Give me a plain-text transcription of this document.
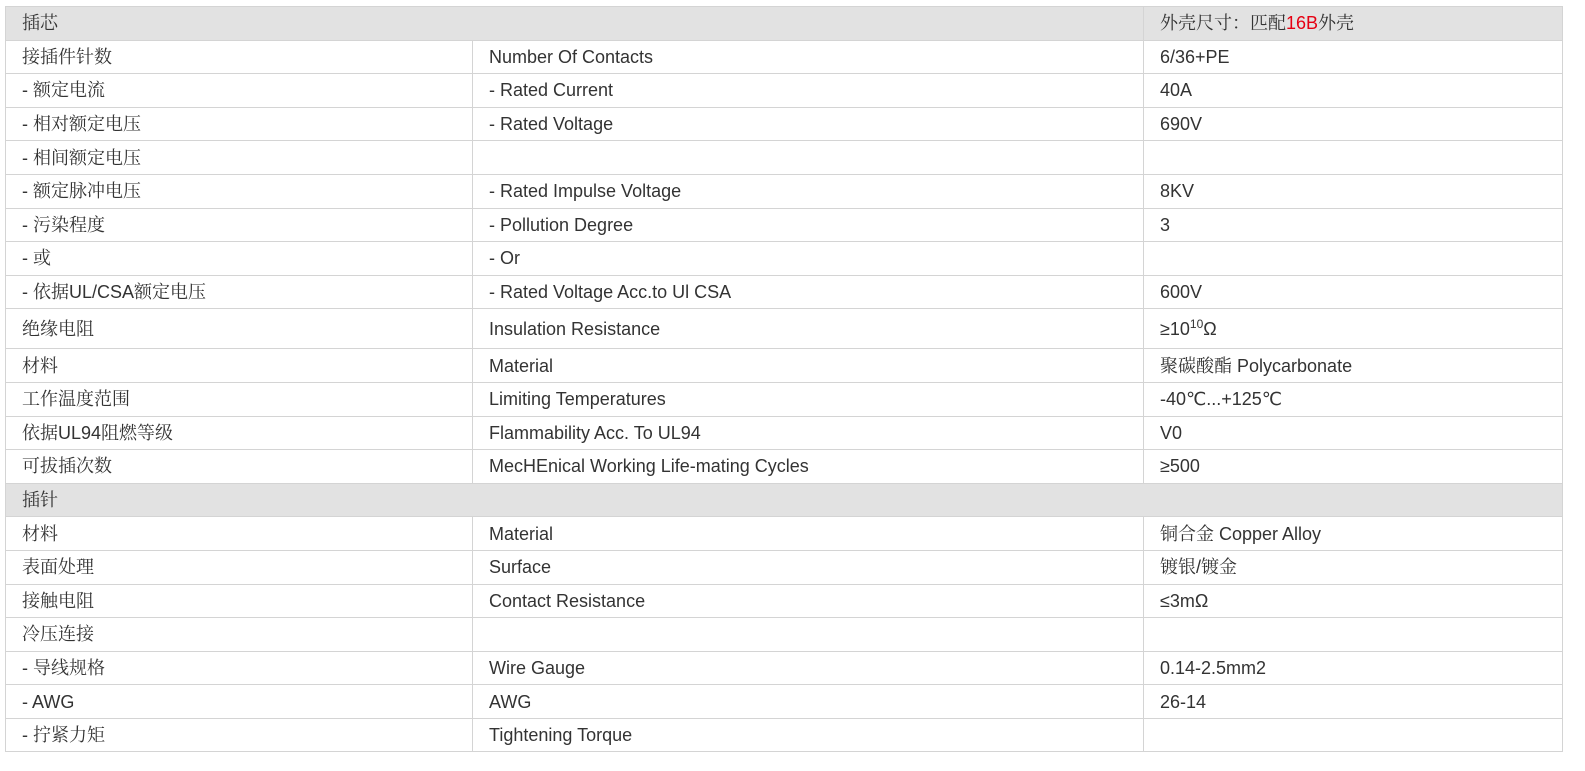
插芯		外壳尺寸：匹配16B外壳
接插件针数	Number Of Contacts	6/36+PE
- 额定电流	- Rated Current	40A
- 相对额定电压	- Rated Voltage	690V
- 相间额定电压		
- 额定脉冲电压	- Rated Impulse Voltage	8KV
- 污染程度	- Pollution Degree	3
- 或	- Or	
- 依据UL/CSA额定电压	- Rated Voltage Acc.to Ul CSA	600V
绝缘电阻	Insulation Resistance	$\ge 10^{10}\Omega$
材料	Material	聚碳酸酯 Polycarbonate
工作温度范围	Limiting Temperatures	-40℃...+125℃
依据UL94阻燃等级	Flammability Acc. To UL94	V0
可拔插次数	MecHEnical Working Life-mating Cycles	≥500
插针		
材料	Material	铜合金 Copper Alloy
表面处理	Surface	镀银/镀金
接触电阻	Contact Resistance	≤3mΩ
冷压连接		
- 导线规格	Wire Gauge	0.14-2.5mm2
- AWG	AWG	26-14
- 拧紧力矩	Tightening Torque	
